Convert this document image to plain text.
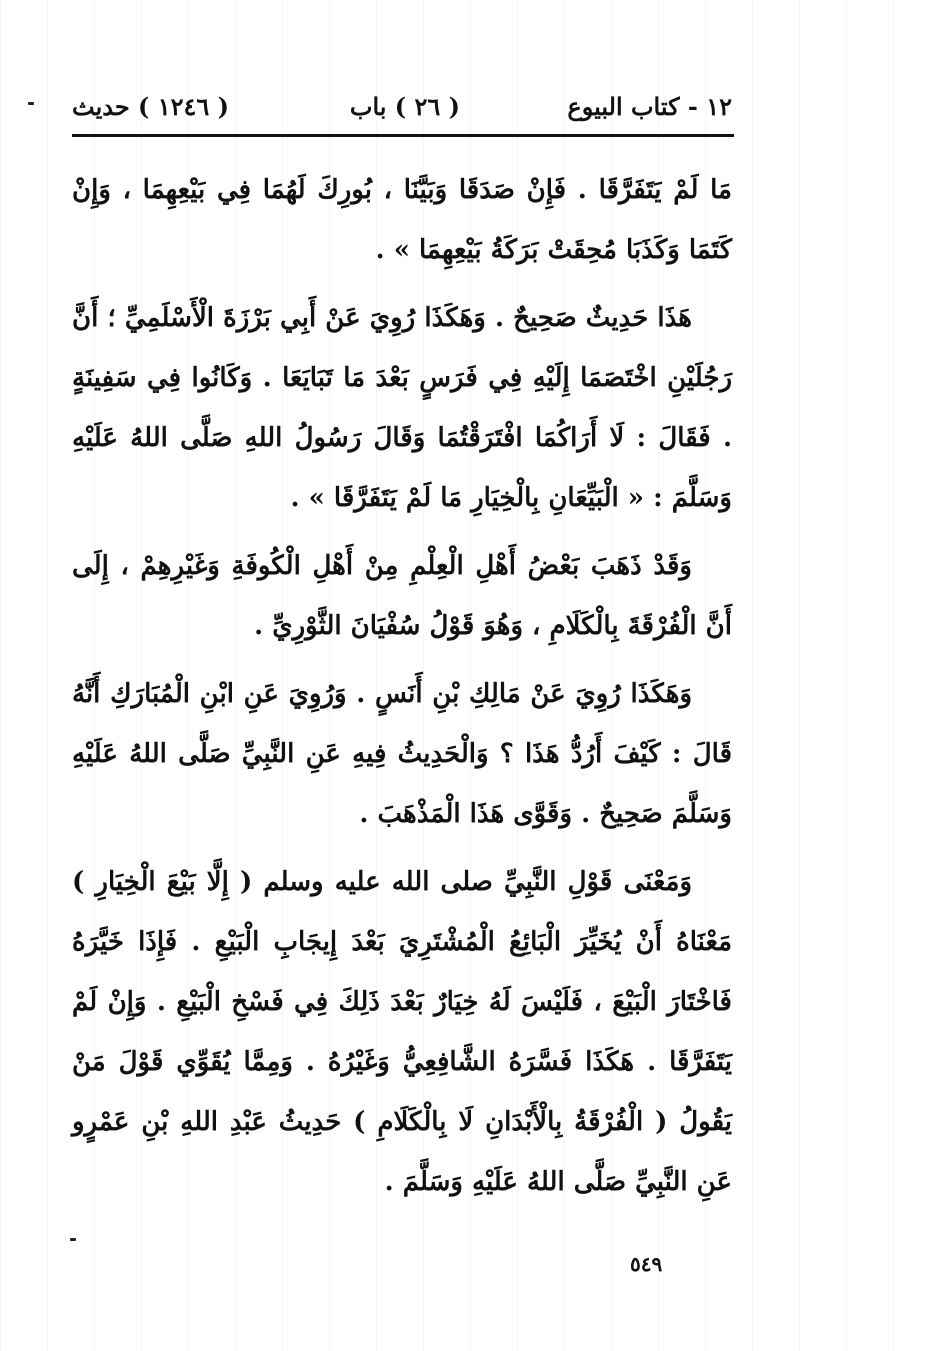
١٢ - كتاب البيوع
( ٢٦ ) باب
( ١٢٤٦ ) حديث

مَا لَمْ يَتَفَرَّقَا . فَإِنْ صَدَقَا وَبَيَّنَا ، بُورِكَ لَهُمَا فِي بَيْعِهِمَا ، وَإِنْ كَتَمَا وَكَذَبَا مُحِقَتْ بَرَكَةُ بَيْعِهِمَا » .

هَذَا حَدِيثٌ صَحِيحٌ . وَهَكَذَا رُوِيَ عَنْ أَبِي بَرْزَةَ الْأَسْلَمِيِّ ؛ أَنَّ رَجُلَيْنِ اخْتَصَمَا إِلَيْهِ فِي فَرَسٍ بَعْدَ مَا تَبَايَعَا . وَكَانُوا فِي سَفِينَةٍ . فَقَالَ : لَا أَرَاكُمَا افْتَرَقْتُمَا وَقَالَ رَسُولُ اللهِ صَلَّى اللهُ عَلَيْهِ وَسَلَّمَ : « الْبَيِّعَانِ بِالْخِيَارِ مَا لَمْ يَتَفَرَّقَا » .

وَقَدْ ذَهَبَ بَعْضُ أَهْلِ الْعِلْمِ مِنْ أَهْلِ الْكُوفَةِ وَغَيْرِهِمْ ، إِلَى أَنَّ الْفُرْقَةَ بِالْكَلَامِ ، وَهُوَ قَوْلُ سُفْيَانَ الثَّوْرِيِّ .

وَهَكَذَا رُوِيَ عَنْ مَالِكِ بْنِ أَنَسٍ . وَرُوِيَ عَنِ ابْنِ الْمُبَارَكِ أَنَّهُ قَالَ : كَيْفَ أَرُدُّ هَذَا ؟ وَالْحَدِيثُ فِيهِ عَنِ النَّبِيِّ صَلَّى اللهُ عَلَيْهِ وَسَلَّمَ صَحِيحٌ . وَقَوَّى هَذَا الْمَذْهَبَ .

وَمَعْنَى قَوْلِ النَّبِيِّ صلى الله عليه وسلم ( إِلَّا بَيْعَ الْخِيَارِ ) مَعْنَاهُ أَنْ يُخَيِّرَ الْبَائِعُ الْمُشْتَرِيَ بَعْدَ إِيجَابِ الْبَيْعِ . فَإِذَا خَيَّرَهُ فَاخْتَارَ الْبَيْعَ ، فَلَيْسَ لَهُ خِيَارٌ بَعْدَ ذَلِكَ فِي فَسْخِ الْبَيْعِ . وَإِنْ لَمْ يَتَفَرَّقَا . هَكَذَا فَسَّرَهُ الشَّافِعِيُّ وَغَيْرُهُ . وَمِمَّا يُقَوِّي قَوْلَ مَنْ يَقُولُ ( الْفُرْقَةُ بِالْأَبْدَانِ لَا بِالْكَلَامِ ) حَدِيثُ عَبْدِ اللهِ بْنِ عَمْرٍو عَنِ النَّبِيِّ صَلَّى اللهُ عَلَيْهِ وَسَلَّمَ .

٥٤٩
